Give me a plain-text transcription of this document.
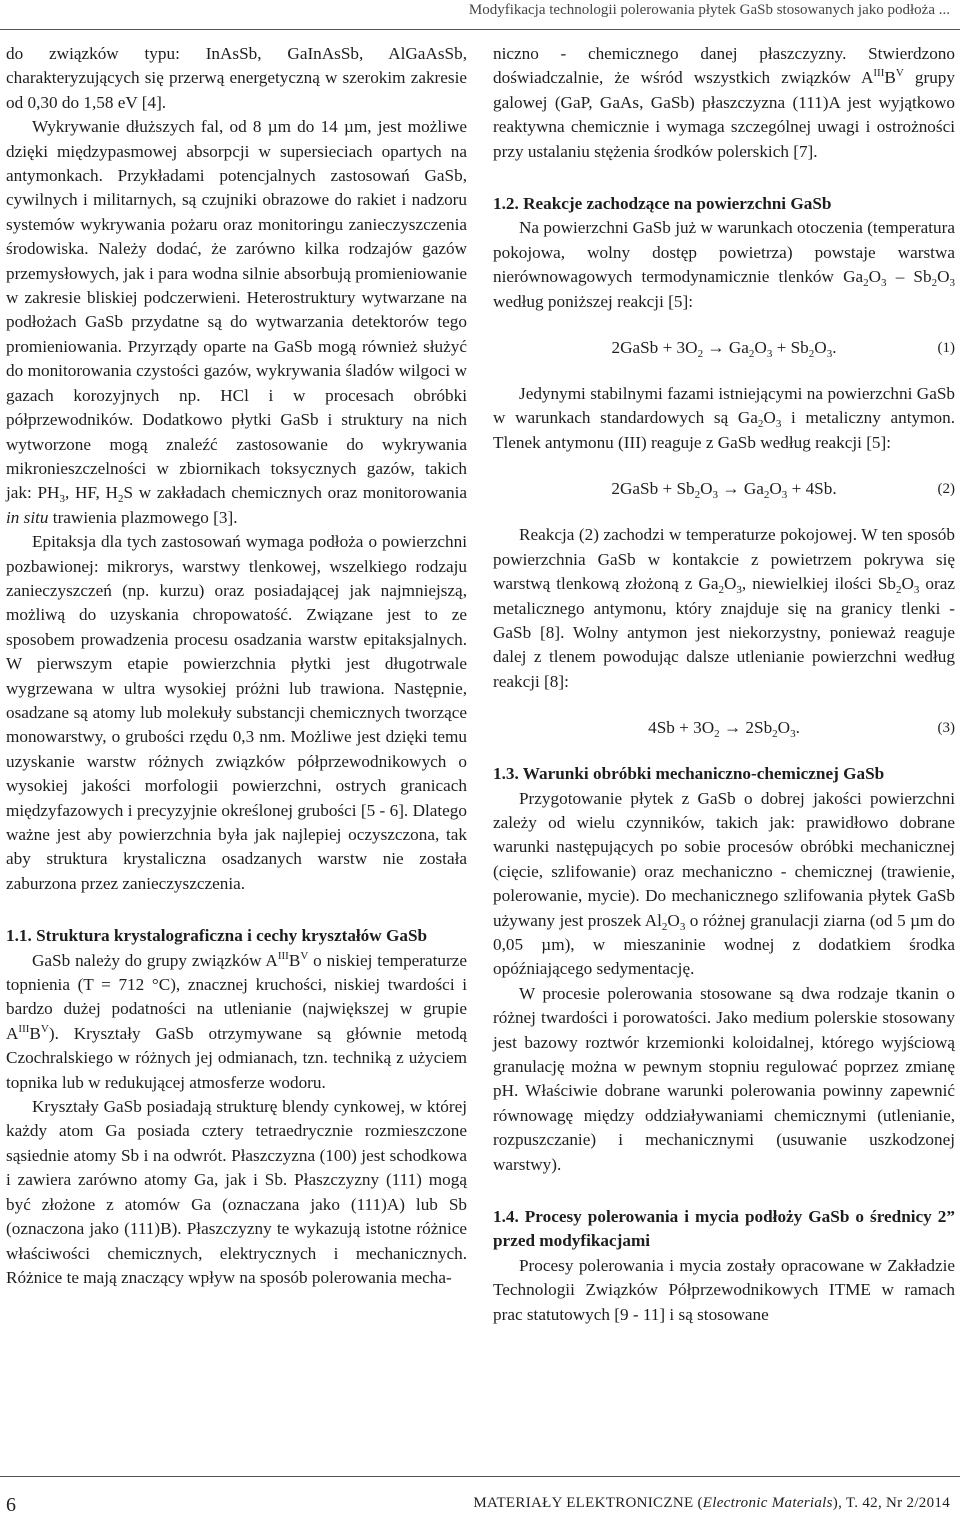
Modyfikacja technologii polerowania płytek GaSb stosowanych jako podłoża ...

do związków typu: InAsSb, GaInAsSb, AlGaAsSb, charakteryzujących się przerwą energetyczną w szerokim zakresie od 0,30 do 1,58 eV [4].

Wykrywanie dłuższych fal, od 8 µm do 14 µm, jest możliwe dzięki międzypasmowej absorpcji w supersieciach opartych na antymonkach. Przykładami potencjalnych zastosowań GaSb, cywilnych i militarnych, są czujniki obrazowe do rakiet i nadzoru systemów wykrywania pożaru oraz monitoringu zanieczyszczenia środowiska. Należy dodać, że zarówno kilka rodzajów gazów przemysłowych, jak i para wodna silnie absorbują promieniowanie w zakresie bliskiej podczerwieni. Heterostruktury wytwarzane na podłożach GaSb przydatne są do wytwarzania detektorów tego promieniowania. Przyrządy oparte na GaSb mogą również służyć do monitorowania czystości gazów, wykrywania śladów wilgoci w gazach korozyjnych np. HCl i w procesach obróbki półprzewodników. Dodatkowo płytki GaSb i struktury na nich wytworzone mogą znaleźć zastosowanie do wykrywania mikronieszczelności w zbiornikach toksycznych gazów, takich jak: $PH_3$, HF, $H_2S$ w zakładach chemicznych oraz monitorowania in situ trawienia plazmowego [3].

Epitaksja dla tych zastosowań wymaga podłoża o powierzchni pozbawionej: mikrorys, warstwy tlenkowej, wszelkiego rodzaju zanieczyszczeń (np. kurzu) oraz posiadającej jak najmniejszą, możliwą do uzyskania chropowatość. Związane jest to ze sposobem prowadzenia procesu osadzania warstw epitaksjalnych. W pierwszym etapie powierzchnia płytki jest długotrwale wygrzewana w ultra wysokiej próżni lub trawiona. Następnie, osadzane są atomy lub molekuły substancji chemicznych tworzące monowarstwy, o grubości rzędu 0,3 nm. Możliwe jest dzięki temu uzyskanie warstw różnych związków półprzewodnikowych o wysokiej jakości morfologii powierzchni, ostrych granicach międzyfazowych i precyzyjnie określonej grubości [5 - 6]. Dlatego ważne jest aby powierzchnia była jak najlepiej oczyszczona, tak aby struktura krystaliczna osadzanych warstw nie została zaburzona przez zanieczyszczenia.

1.1. Struktura krystalograficzna i cechy kryształów GaSb

GaSb należy do grupy związków $A^{III}B^V$ o niskiej temperaturze topnienia (T = 712 °C), znacznej kruchości, niskiej twardości i bardzo dużej podatności na utlenianie (największej w grupie $A^{III}B^V$). Kryształy GaSb otrzymywane są głównie metodą Czochralskiego w różnych jej odmianach, tzn. techniką z użyciem topnika lub w redukującej atmosferze wodoru.

Kryształy GaSb posiadają strukturę blendy cynkowej, w której każdy atom Ga posiada cztery tetraedrycznie rozmieszczone sąsiednie atomy Sb i na odwrót. Płaszczyzna (100) jest schodkowa i zawiera zarówno atomy Ga, jak i Sb. Płaszczyzny (111) mogą być złożone z atomów Ga (oznaczana jako (111)A) lub Sb (oznaczona jako (111)B). Płaszczyzny te wykazują istotne różnice właściwości chemicznych, elektrycznych i mechanicznych. Różnice te mają znaczący wpływ na sposób polerowania mecha-

niczno - chemicznego danej płaszczyzny. Stwierdzono doświadczalnie, że wśród wszystkich związków $A^{III}B^V$ grupy galowej (GaP, GaAs, GaSb) płaszczyzna (111)A jest wyjątkowo reaktywna chemicznie i wymaga szczególnej uwagi i ostrożności przy ustalaniu stężenia środków polerskich [7].

1.2. Reakcje zachodzące na powierzchni GaSb

Na powierzchni GaSb już w warunkach otoczenia (temperatura pokojowa, wolny dostęp powietrza) powstaje warstwa nierównowagowych termodynamicznie tlenków $Ga_2O_3 - Sb_2O_3$ według poniższej reakcji [5]:

2GaSb + $3O_2 \to Ga_2O_3 + Sb_2O_3$.	(1)

Jedynymi stabilnymi fazami istniejącymi na powierzchni GaSb w warunkach standardowych są $Ga_2O_3$ i metaliczny antymon. Tlenek antymonu (III) reaguje z GaSb według reakcji [5]:

2GaSb + $Sb_2O_3 \to Ga_2O_3 + 4Sb$.	(2)

Reakcja (2) zachodzi w temperaturze pokojowej. W ten sposób powierzchnia GaSb w kontakcie z powietrzem pokrywa się warstwą tlenkową złożoną z $Ga_2O_3$, niewielkiej ilości $Sb_2O_3$ oraz metalicznego antymonu, który znajduje się na granicy tlenki - GaSb [8]. Wolny antymon jest niekorzystny, ponieważ reaguje dalej z tlenem powodując dalsze utlenianie powierzchni według reakcji [8]:

$4Sb + 3O_2 \to 2Sb_2O_3$.	(3)

1.3. Warunki obróbki mechaniczno-chemicznej GaSb

Przygotowanie płytek z GaSb o dobrej jakości powierzchni zależy od wielu czynników, takich jak: prawidłowo dobrane warunki następujących po sobie procesów obróbki mechanicznej (cięcie, szlifowanie) oraz mechaniczno - chemicznej (trawienie, polerowanie, mycie). Do mechanicznego szlifowania płytek GaSb używany jest proszek $Al_2O_3$ o różnej granulacji ziarna (od 5 µm do 0,05 µm), w mieszaninie wodnej z dodatkiem środka opóźniającego sedymentację.

W procesie polerowania stosowane są dwa rodzaje tkanin o różnej twardości i porowatości. Jako medium polerskie stosowany jest bazowy roztwór krzemionki koloidalnej, którego wyjściową granulację można w pewnym stopniu regulować poprzez zmianę pH. Właściwie dobrane warunki polerowania powinny zapewnić równowagę między oddziaływaniami chemicznymi (utlenianie, rozpuszczanie) i mechanicznymi (usuwanie uszkodzonej warstwy).

1.4. Procesy polerowania i mycia podłoży GaSb o średnicy 2” przed modyfikacjami

Procesy polerowania i mycia zostały opracowane w Zakładzie Technologii Związków Półprzewodnikowych ITME w ramach prac statutowych [9 - 11] i są stosowane

6	MATERIAŁY ELEKTRONICZNE (Electronic Materials), T. 42, Nr 2/2014
